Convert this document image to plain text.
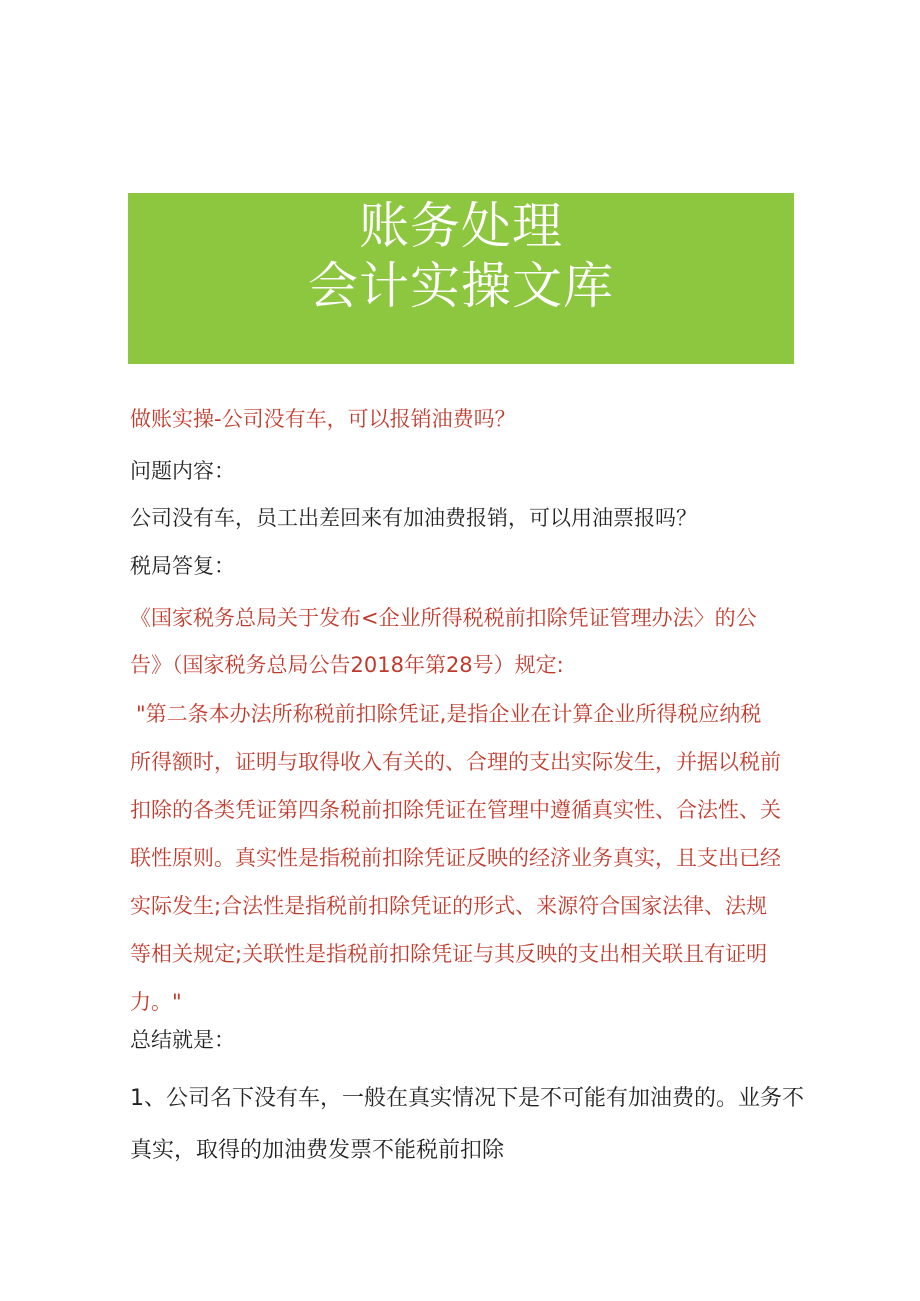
账务处理
会计实操文库
做账实操-公司没有车，可以报销油费吗？
问题内容：
公司没有车，员工出差回来有加油费报销，可以用油票报吗？
税局答复：
《国家税务总局关于发布<企业所得税税前扣除凭证管理办法〉的公
告》（国家税务总局公告2018年第28号）规定:
"第二条本办法所称税前扣除凭证,是指企业在计算企业所得税应纳税
所得额时，证明与取得收入有关的、合理的支出实际发生，并据以税前
扣除的各类凭证第四条税前扣除凭证在管理中遵循真实性、合法性、关
联性原则。真实性是指税前扣除凭证反映的经济业务真实，且支出已经
实际发生;合法性是指税前扣除凭证的形式、来源符合国家法律、法规
等相关规定;关联性是指税前扣除凭证与其反映的支出相关联且有证明
力。"
总结就是：
1、公司名下没有车，一般在真实情况下是不可能有加油费的。业务不
真实，取得的加油费发票不能税前扣除
